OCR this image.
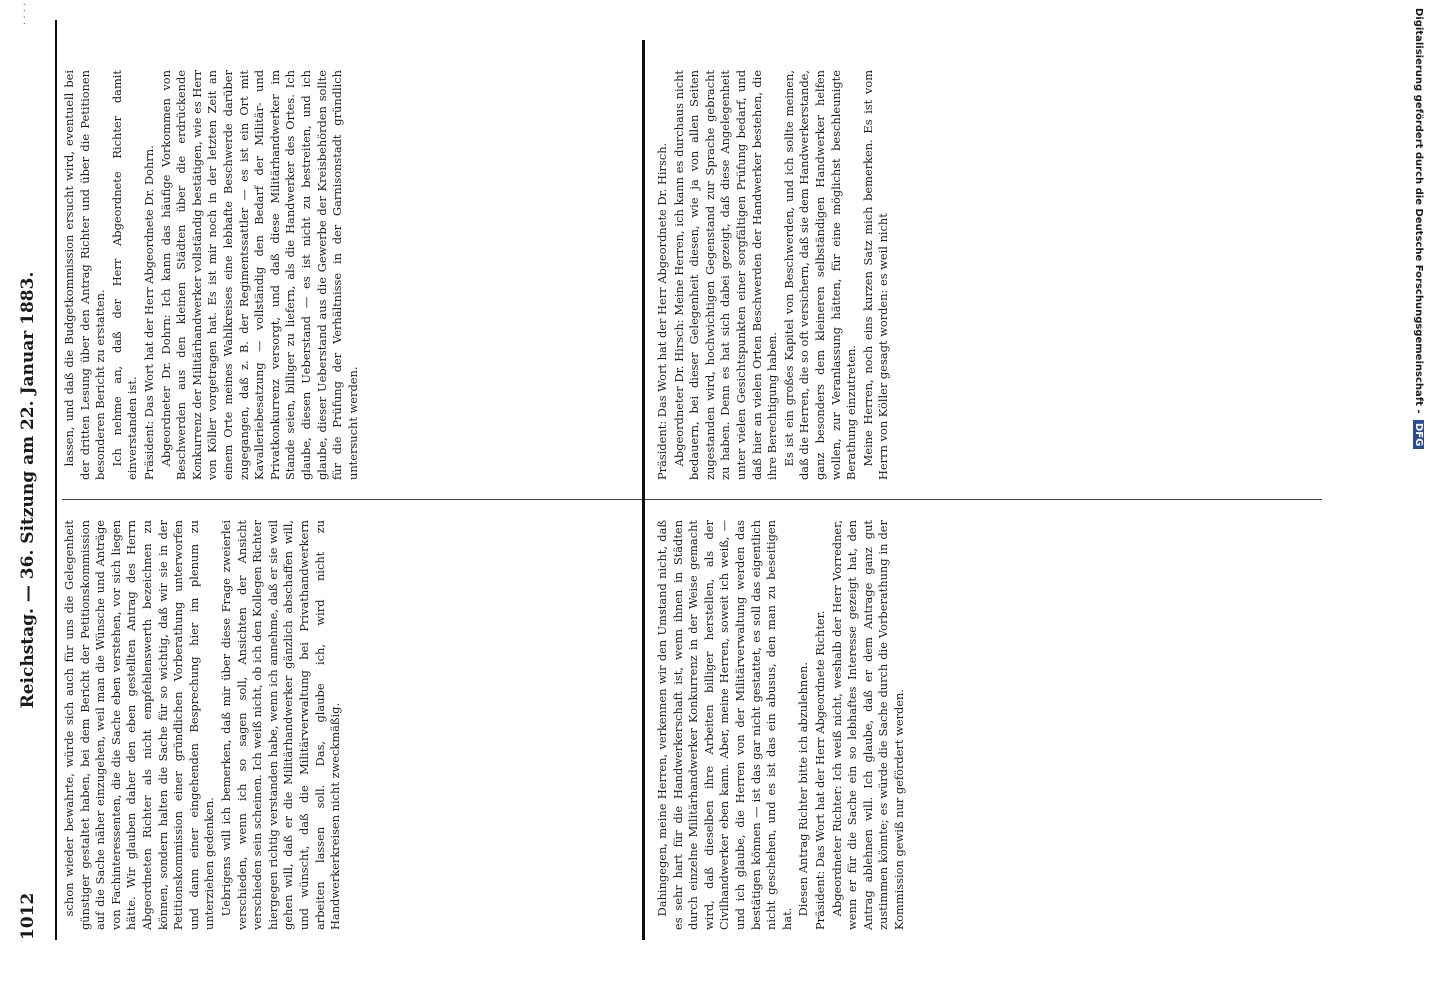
1012
Reichstag. — 36. Sitzung am 22. Januar 1883.
· · · ·

schon wieder bewahrte, würde sich auch für uns die Gelegenheit günstiger gestaltet haben, bei dem Bericht der Petitionskommission auf die Sache näher einzugehen, weil man die Wünsche und Anträge von Fachinteressenten, die die Sache eben verstehen, vor sich liegen hätte. Wir glauben daher den eben gestellten Antrag des Herrn Abgeordneten Richter als nicht empfehlenswerth bezeichnen zu können, sondern halten die Sache für so wichtig, daß wir sie in der Petitionskommission einer gründlichen Vorberathung unterworfen und dann einer eingehenden Besprechung hier im plenum zu unterziehen gedenken. Uebrigens will ich bemerken, daß mir über diese Frage zweierlei verschieden, wenn ich so sagen soll, Ansichten der Ansicht verschieden sein scheinen. Ich weiß nicht, ob ich den Kollegen Richter hiergegen richtig verstanden habe, wenn ich annehme, daß er sie weil gehen will, daß er die Militärhandwerker gänzlich abschaffen will, und wünscht, daß die Militärverwaltung bei Privathandwerkern arbeiten lassen soll. Das, glaube ich, wird nicht zu Handwerkerkreisen nicht zweckmäßig.

lassen, und daß die Budgetkommission ersucht wird, eventuell bei der dritten Lesung über den Antrag Richter und über die Petitionen besonderen Bericht zu erstatten. Ich nehme an, daß der Herr Abgeordnete Richter damit einverstanden ist. Präsident: Das Wort hat der Herr Abgeordnete Dr. Dohrn. Abgeordneter Dr. Dohrn: Ich kann das häufige Vorkommen von Beschwerden aus den kleinen Städten über die erdrückende Konkurrenz der Militärhandwerker vollständig bestätigen, wie es Herr von Köller vorgetragen hat. Es ist mir noch in der letzten Zeit an einem Orte meines Wahlkreises eine lebhafte Beschwerde darüber zugegangen, daß z. B. der Regimentssattler — es ist ein Ort mit Kavalleriebesatzung — vollständig den Bedarf der Militär- und Privatkonkurrenz versorgt, und daß diese Militärhandwerker im Stande seien, billiger zu liefern, als die Handwerker des Ortes. Ich glaube, diesen Ueberstand — es ist nicht zu bestreiten, und ich glaube, dieser Ueberstand aus die Gewerbe der Kreisbehörden sollte für die Prüfung der Verhältnisse in der Garnisonstadt gründlich untersucht werden.

Dahingegen, meine Herren, verkennen wir den Umstand nicht, daß es sehr hart für die Handwerkerschaft ist, wenn ihnen in Städten durch einzelne Militärhandwerker Konkurrenz in der Weise gemacht wird, daß dieselben ihre Arbeiten billiger herstellen, als der Civilhandwerker eben kann. Aber, meine Herren, soweit ich weiß, — und ich glaube, die Herren von der Militärverwaltung werden das bestätigen können — ist das gar nicht gestattet, es soll das eigentlich nicht geschehen, und es ist das ein abusus, den man zu beseitigen hat.

Diesen Antrag Richter bitte ich abzulehnen. Präsident: Das Wort hat der Herr Abgeordnete Richter. Abgeordneter Richter: Ich weiß nicht, weshalb der Herr Vorredner, wenn er für die Sache ein so lebhaftes Interesse gezeigt hat, den Antrag ablehnen will. Ich glaube, daß er dem Antrage ganz gut zustimmen könnte; es würde die Sache durch die Vorberathung in der Kommission gewiß nur gefördert werden.

Präsident: Das Wort hat der Herr Abgeordnete Dr. Hirsch. Abgeordneter Dr. Hirsch: Meine Herren, ich kann es durchaus nicht bedauern, bei dieser Gelegenheit diesen, wie ja von allen Seiten zugestanden wird, hochwichtigen Gegenstand zur Sprache gebracht zu haben. Denn es hat sich dabei gezeigt, daß diese Angelegenheit unter vielen Gesichtspunkten einer sorgfältigen Prüfung bedarf, und daß hier an vielen Orten Beschwerden der Handwerker bestehen, die ihre Berechtigung haben. Es ist ein großes Kapitel von Beschwerden, und ich sollte meinen, daß die Herren, die so oft versichern, daß sie dem Handwerkerstande, ganz besonders dem kleineren selbständigen Handwerker helfen wollen, zur Veranlassung hätten, für eine möglichst beschleunigte Berathung einzutreten. Meine Herren, noch eins kurzen Satz mich bemerken. Es ist vom Herrn von Köller gesagt worden: es weil nicht	Digitalisierung gefördert durch die Deutsche Forschungsgemeinschaft - DFG
